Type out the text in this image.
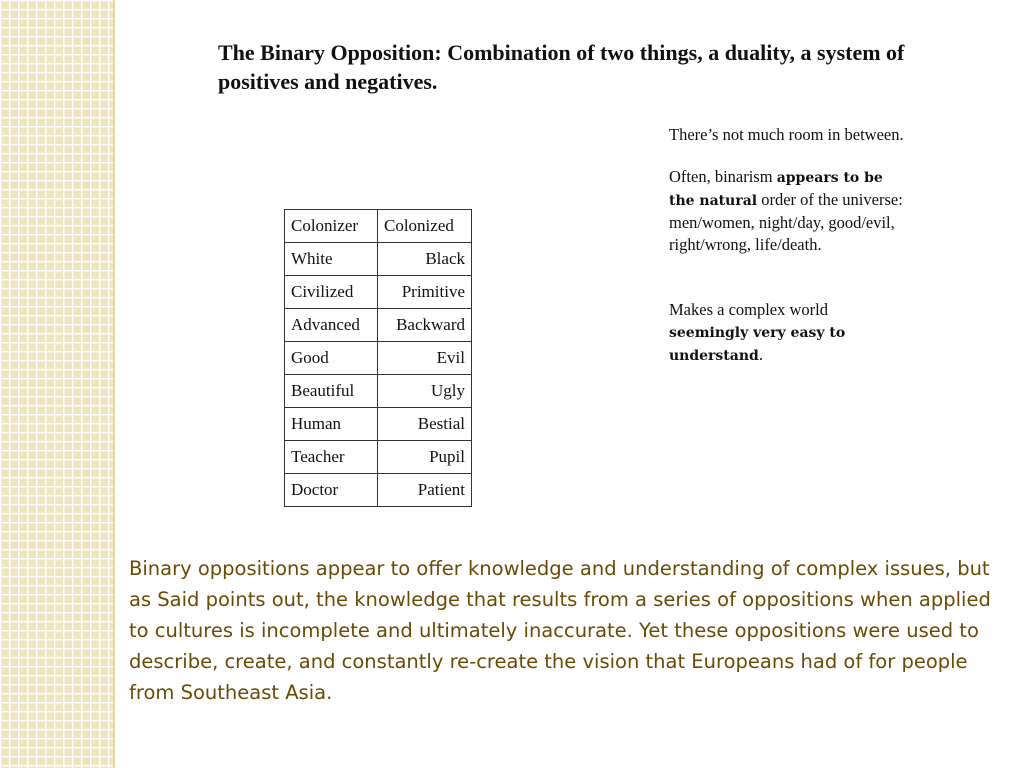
The Binary Opposition: Combination of two things, a duality, a system of positives and negatives.
Colonizer	Colonized
White	Black
Civilized	Primitive
Advanced	Backward
Good	Evil
Beautiful	Ugly
Human	Bestial
Teacher	Pupil
Doctor	Patient

There’s not much room in between.

Often, binarism appears to be the natural order of the universe: men/women, night/day, good/evil, right/wrong, life/death.

Makes a complex world seemingly very easy to understand.

Binary oppositions appear to offer knowledge and understanding of complex issues, but as Said points out, the knowledge that results from a series of oppositions when applied to cultures is incomplete and ultimately inaccurate. Yet these oppositions were used to describe, create, and constantly re-create the vision that Europeans had of for people from Southeast Asia.
